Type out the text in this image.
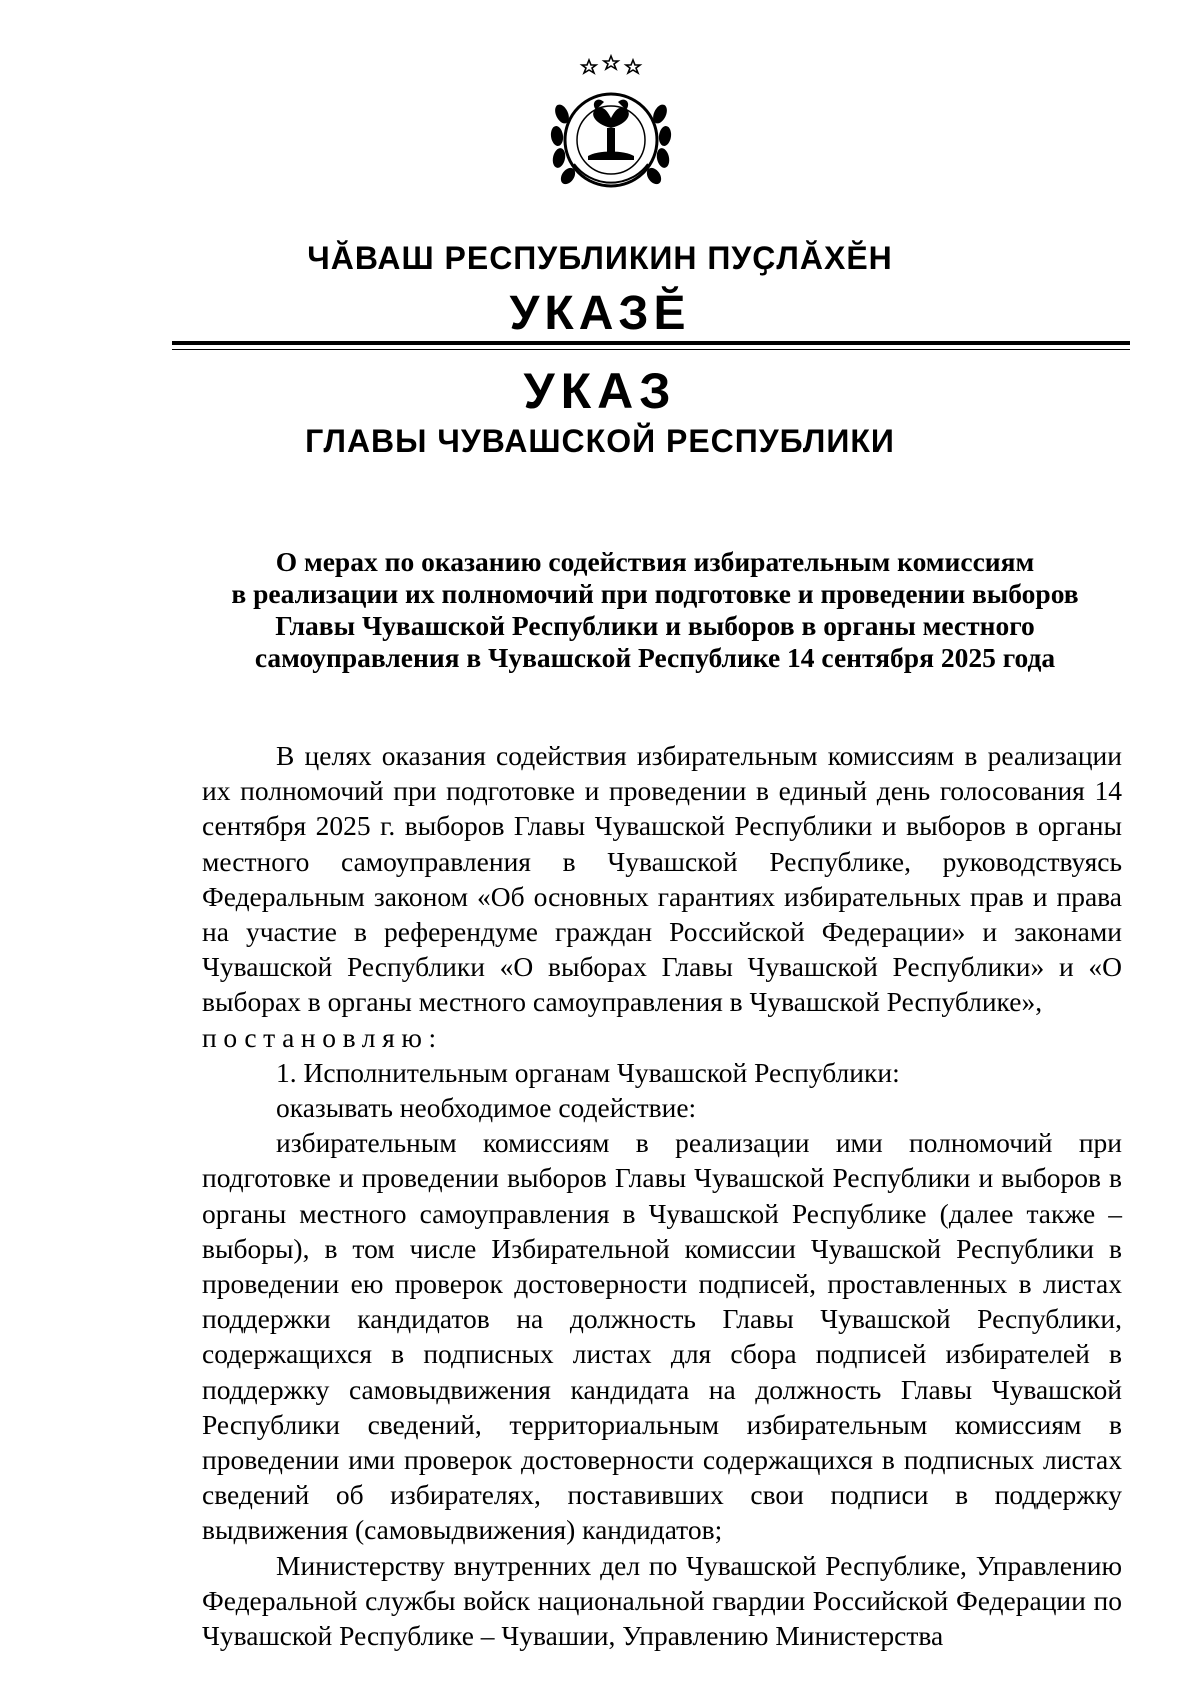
ЧĂВАШ РЕСПУБЛИКИН ПУҪЛĂХĔН
УКАЗĔ
УКАЗ
ГЛАВЫ ЧУВАШСКОЙ РЕСПУБЛИКИ
О мерах по оказанию содействия избирательным комиссиям
в реализации их полномочий при подготовке и проведении выборов
Главы Чувашской Республики и выборов в органы местного
самоуправления в Чувашской Республике 14 сентября 2025 года

В целях оказания содействия избирательным комиссиям в реализации их полномочий при подготовке и проведении в единый день голосования 14 сентября 2025 г. выборов Главы Чувашской Республики и выборов в органы местного самоуправления в Чувашской Республике, руководствуясь Федеральным законом «Об основных гарантиях избирательных прав и права на участие в референдуме граждан Российской Федерации» и законами Чувашской Республики «О выборах Главы Чувашской Республики» и «О выборах в органы местного самоуправления в Чувашской Республике»,

постановляю:

1. Исполнительным органам Чувашской Республики:

оказывать необходимое содействие:

избирательным комиссиям в реализации ими полномочий при подготовке и проведении выборов Главы Чувашской Республики и выборов в органы местного самоуправления в Чувашской Республике (далее также – выборы), в том числе Избирательной комиссии Чувашской Республики в проведении ею проверок достоверности подписей, проставленных в листах поддержки кандидатов на должность Главы Чувашской Республики, содержащихся в подписных листах для сбора подписей избирателей в поддержку самовыдвижения кандидата на должность Главы Чувашской Республики сведений, территориальным избирательным комиссиям в проведении ими проверок достоверности содержащихся в подписных листах сведений об избирателях, поставивших свои подписи в поддержку выдвижения (самовыдвижения) кандидатов;

Министерству внутренних дел по Чувашской Республике, Управлению Федеральной службы войск национальной гвардии Российской Федерации по Чувашской Республике – Чувашии, Управлению Министерства
